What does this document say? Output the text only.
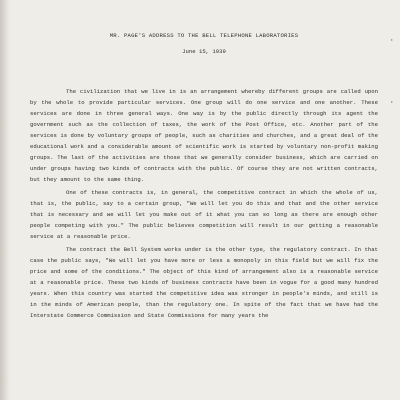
'
'
MR. PAGE'S ADDRESS TO THE BELL TELEPHONE LABORATORIES
June 15, 1939

The civilization that we live in is an arrangement whereby different groups are called upon by the whole to provide particular services. One group will do one service and one another. These services are done in three general ways. One way is by the public directly through its agent the government such as the collection of taxes, the work of the Post Office, etc. Another part of the services is done by voluntary groups of people, such as charities and churches, and a great deal of the educational work and a considerable amount of scientific work is started by voluntary non-profit making groups. The last of the activities are those that we generally consider business, which are carried on under groups having two kinds of contracts with the public. Of course they are not written contracts, but they amount to the same thing.

One of these contracts is, in general, the competitive contract in which the whole of us, that is, the public, say to a certain group, "We will let you do this and that and the other service that is necessary and we will let you make out of it what you can so long as there are enough other people competing with you." The public believes competition will result in our getting a reasonable service at a reasonable price.

The contract the Bell System works under is the other type, the regulatory contract. In that case the public says, "We will let you have more or less a monopoly in this field but we will fix the price and some of the conditions." The object of this kind of arrangement also is a reasonable service at a reasonable price. These two kinds of business contracts have been in vogue for a good many hundred years. When this country was started the competitive idea was stronger in people's minds, and still is in the minds of American people, than the regulatory one. In spite of the fact that we have had the Interstate Commerce Commission and State Commissions for many years the
